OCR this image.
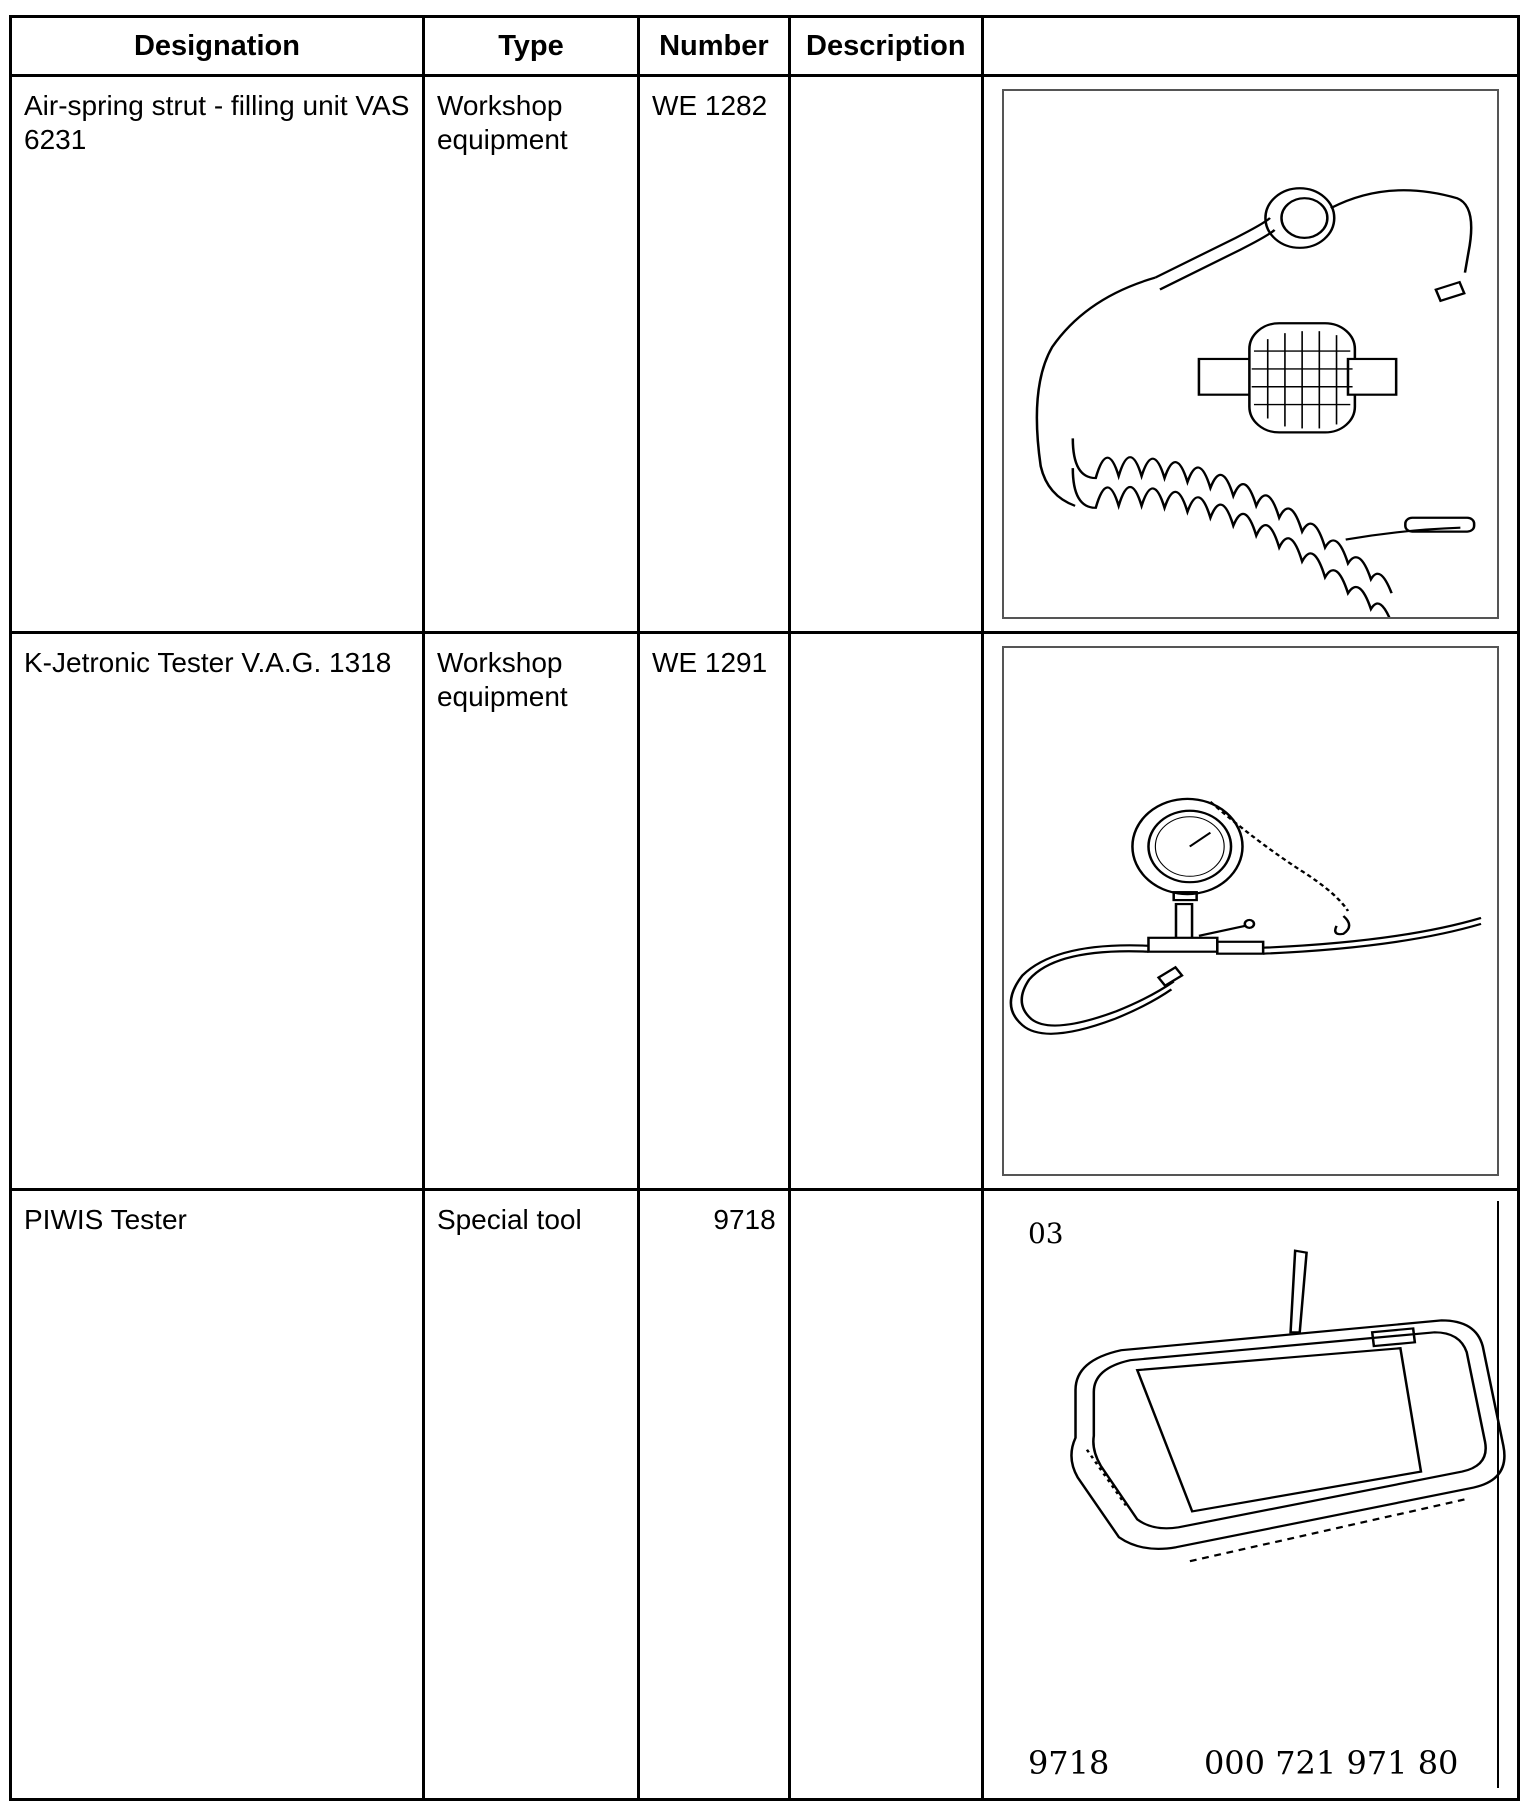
Designation	Type	Number	Description	
Air-spring strut - filling unit VAS 6231	Workshop equipment	WE 1282		

K-Jetronic Tester V.A.G. 1318	Workshop equipment	WE 1291		

PIWIS Tester	Special tool	9718		03
9718 000 721 971 80
